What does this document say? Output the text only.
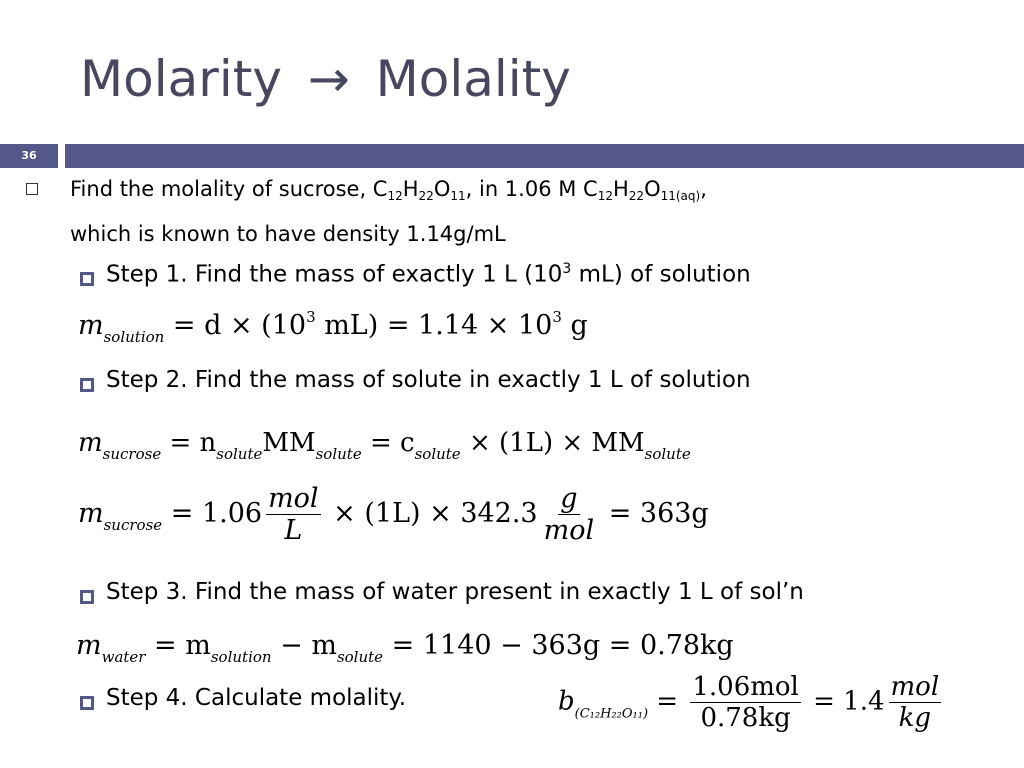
Molarity → Molality
36
Find the molality of sucrose, $C_{12}H_{22}O_{11}$, in 1.06 M $C_{12}H_{22}O_{11(aq)}$,
which is known to have density 1.14g/mL
Step 1. Find the mass of exactly 1 L ($10^3$ mL) of solution
$m_{solution} = d \times (10^3$ $mL) = 1.14 \times 10^3$ g
Step 2. Find the mass of solute in exactly 1 L of solution
$m_{sucrose} = n_{solute}MM_{solute} = c_{solute} \times (1L) \times MM_{solute}$
$m_{sucrose} = 1.06 \frac{\text{mol}}{L} \times (1L) \times 342.3 \frac{g}{\text{mol}} = 363g$
Step 3. Find the mass of water present in exactly 1 L of sol’n
$m_{water} = m_{solution} - m_{solute} = 1140 - 363g = 0.78kg$
Step 4. Calculate molality.	$b_{(C_{12}H_{22}O_{11})} = \frac{\text{1.06mol}}{0.78kg} = 1.4 \frac{\text{mol}}{kg}$
